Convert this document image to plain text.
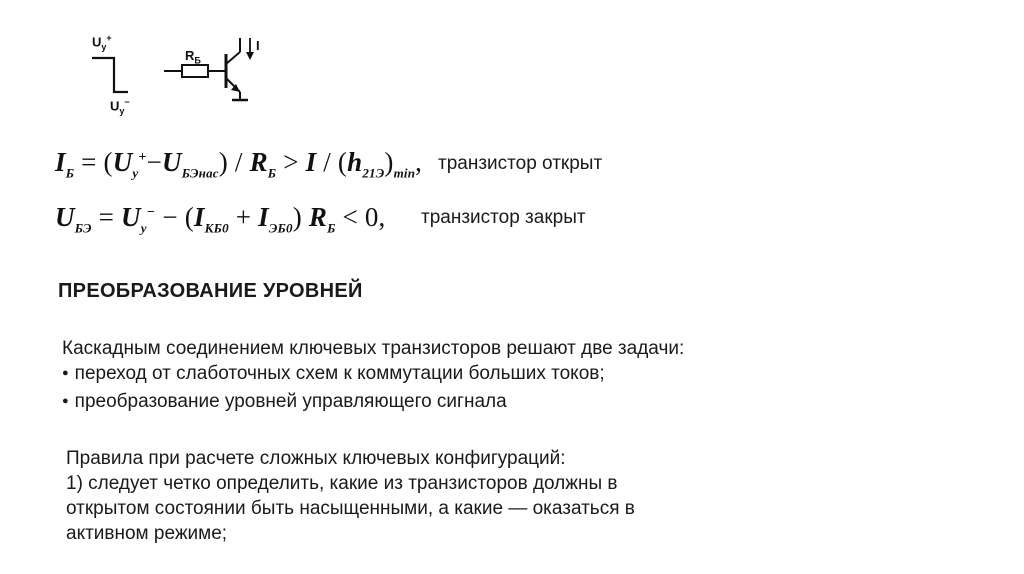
$U_у^+$
$U_у^-$
$R_Б$
I
$I_Б = (U_у^+-U_{БЭнас}) / R_Б > I / (h_{21Э})_{min}$, транзистор открыт
$U_{БЭ} = U_у^- - (I_{КБ0} + I_{ЭБ0}) R_Б < 0$, транзистор закрыт
ПРЕОБРАЗОВАНИЕ УРОВНЕЙ
Каскадным соединением ключевых транзисторов решают две задачи:
● переход от слаботочных схем к коммутации больших токов;
● преобразование уровней управляющего сигнала
Правила при расчете сложных ключевых конфигураций:
1) следует четко определить, какие из транзисторов должны в
открытом состоянии быть насыщенными, а какие — оказаться в
активном режиме;
